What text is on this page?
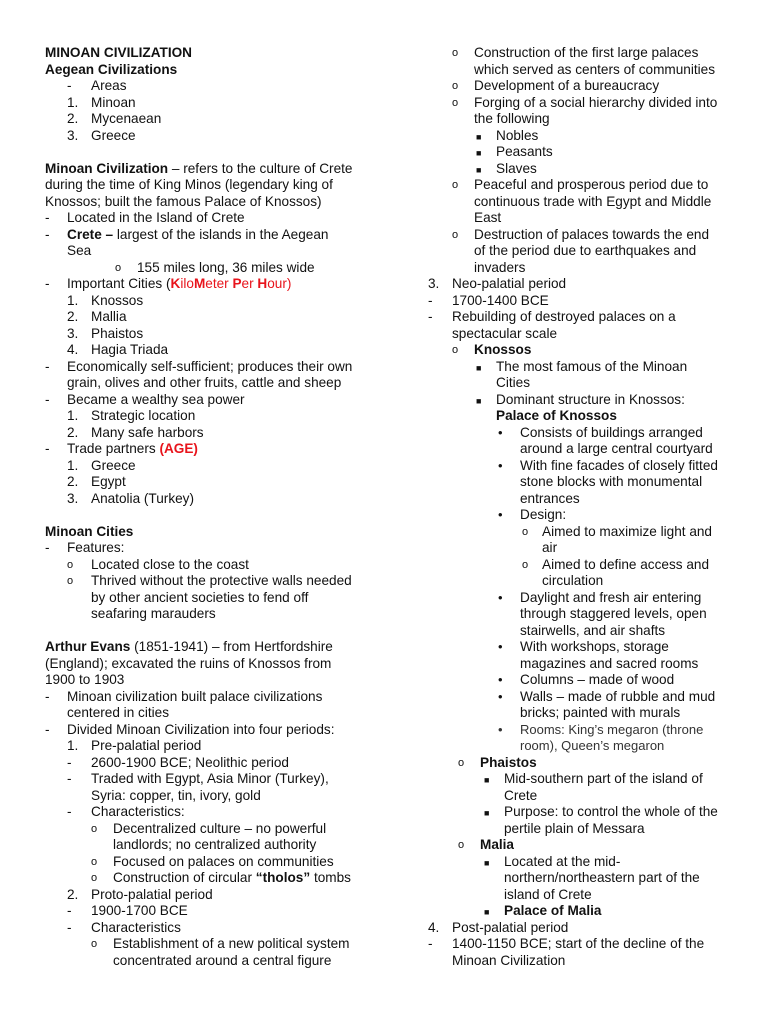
MINOAN CIVILIZATION
Aegean Civilizations
- Areas
1. Minoan
2. Mycenaean
3. Greece
Minoan Civilization – refers to the culture of Crete
during the time of King Minos (legendary king of
Knossos; built the famous Palace of Knossos)
- Located in the Island of Crete
- Crete – largest of the islands in the Aegean
Sea
o 155 miles long, 36 miles wide
- Important Cities (KiloMeter Per Hour)
1. Knossos
2. Mallia
3. Phaistos
4. Hagia Triada
- Economically self-sufficient; produces their own
grain, olives and other fruits, cattle and sheep
- Became a wealthy sea power
1. Strategic location
2. Many safe harbors
- Trade partners (AGE)
1. Greece
2. Egypt
3. Anatolia (Turkey)
Minoan Cities
- Features:
o Located close to the coast
o Thrived without the protective walls needed
by other ancient societies to fend off
seafaring marauders
Arthur Evans (1851-1941) – from Hertfordshire
(England); excavated the ruins of Knossos from
1900 to 1903
- Minoan civilization built palace civilizations
centered in cities
- Divided Minoan Civilization into four periods:
1. Pre-palatial period
- 2600-1900 BCE; Neolithic period
- Traded with Egypt, Asia Minor (Turkey),
Syria: copper, tin, ivory, gold
- Characteristics:
o Decentralized culture – no powerful
landlords; no centralized authority
o Focused on palaces on communities
o Construction of circular “tholos” tombs
2. Proto-palatial period
- 1900-1700 BCE
- Characteristics
o Establishment of a new political system
concentrated around a central figure
o Construction of the first large palaces
which served as centers of communities
o Development of a bureaucracy
o Forging of a social hierarchy divided into
the following
■ Nobles
■ Peasants
■ Slaves
o Peaceful and prosperous period due to
continuous trade with Egypt and Middle
East
o Destruction of palaces towards the end
of the period due to earthquakes and
invaders
3. Neo-palatial period
- 1700-1400 BCE
- Rebuilding of destroyed palaces on a
spectacular scale
o Knossos
■ The most famous of the Minoan
Cities
■ Dominant structure in Knossos:
Palace of Knossos
• Consists of buildings arranged
around a large central courtyard
• With fine facades of closely fitted
stone blocks with monumental
entrances
• Design:
o Aimed to maximize light and
air
o Aimed to define access and
circulation
• Daylight and fresh air entering
through staggered levels, open
stairwells, and air shafts
• With workshops, storage
magazines and sacred rooms
• Columns – made of wood
• Walls – made of rubble and mud
bricks; painted with murals
• Rooms: King’s megaron (throne
room), Queen’s megaron
o Phaistos
■ Mid-southern part of the island of
Crete
■ Purpose: to control the whole of the
pertile plain of Messara
o Malia
■ Located at the mid-
northern/northeastern part of the
island of Crete
■ Palace of Malia
4. Post-palatial period
- 1400-1150 BCE; start of the decline of the
Minoan Civilization
